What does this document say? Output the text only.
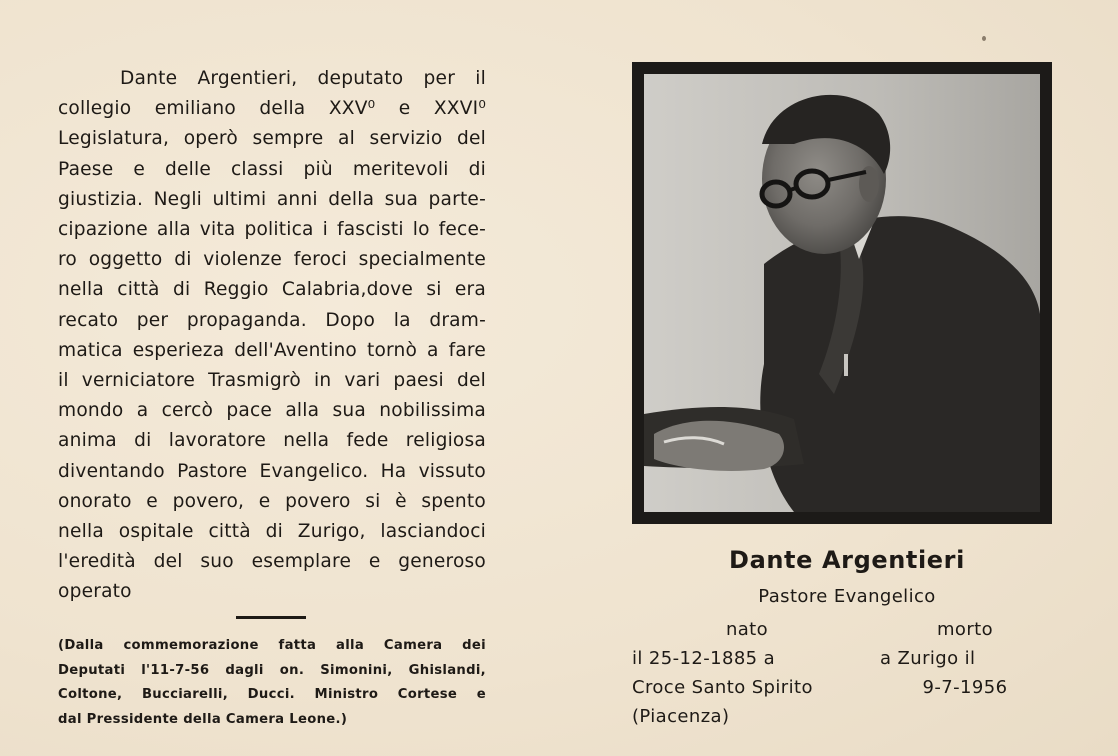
Dante Argentieri, deputato per il
collegio emiliano della XXV⁰ e XXVI⁰
Legislatura, operò sempre al servizio del
Paese e delle classi più meritevoli di
giustizia. Negli ultimi anni della sua parte-
cipazione alla vita politica i fascisti lo fece-
ro oggetto di violenze feroci specialmente
nella città di Reggio Calabria,dove si era
recato per propaganda. Dopo la dram-
matica esperieza dell'Aventino tornò a fare
il verniciatore Trasmigrò in vari paesi del
mondo a cercò pace alla sua nobilissima
anima di lavoratore nella fede religiosa
diventando Pastore Evangelico. Ha vissuto
onorato e povero, e povero si è spento
nella ospitale città di Zurigo, lasciandoci
l'eredità del suo esemplare e generoso
operato

(Dalla commemorazione fatta alla Camera dei
Deputati l'11-7-56 dagli on. Simonini, Ghislandi,
Coltone, Bucciarelli, Ducci. Ministro Cortese e
dal Pressidente della Camera Leone.)

Dante Argentieri

Pastore Evangelico

nato
il 25-12-1885 a
Croce Santo Spirito
(Piacenza)
morto
a Zurigo il
9-7-1956
